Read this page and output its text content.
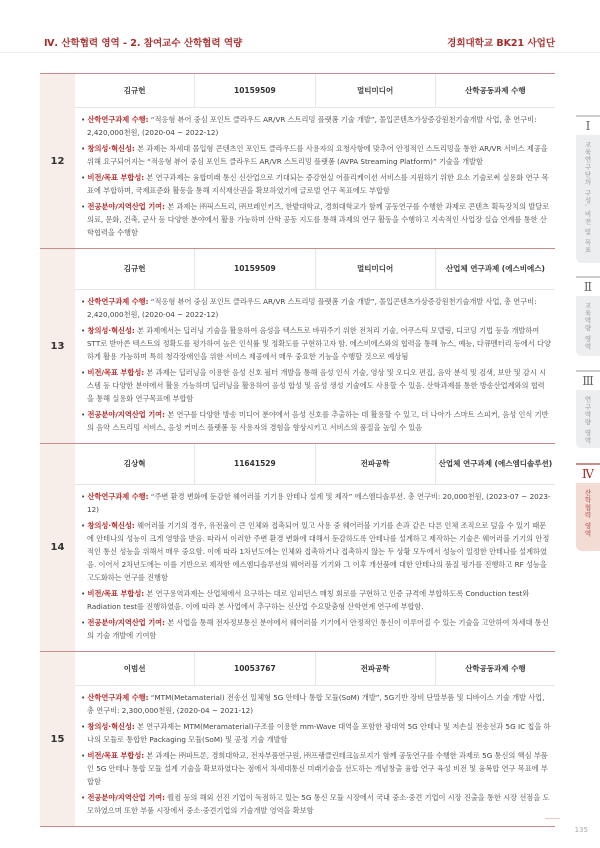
Ⅳ. 산학협력 영역 - 2. 참여교수 산학협력 역량	경희대학교 BK21 사업단
12
김규헌	10159509	멀티미디어	산학공동과제 수행
• 산학연구과제 수행: “적응형 뷰어 중심 포인트 클라우드 AR/VR 스트리밍 플랫폼 기술 개발”, 몰입콘텐츠가상증강원천기술개발 사업, 총 연구비: 2,420,000천원, (2020-04 ~ 2022-12)
• 창의성·혁신성: 본 과제는 차세대 몰입형 콘텐츠인 포인트 클라우드를 사용자의 요청사항에 맞추어 안정적인 스트리밍을 통한 AR/VR 서비스 제공을 위해 요구되어지는 “적응형 뷰어 중심 포인트 클라우드 AR/VR 스트리밍 플랫폼 (AVPA Streaming Platform)” 기술을 개발함
• 비전/목표 부합성: 본 연구과제는 융합미래 통신 신산업으로 기대되는 증강현실 어플리케이션 서비스를 지원하기 위한 요소 기술로써 실용화 연구 목표에 부합하며, 국제표준화 활동을 통해 지식재산권을 확보하였기에 글로벌 연구 목표에도 부합함
• 전공분야/지역산업 기여: 본 과제는 ㈜픽스트리, ㈜브레인키즈, 한밭대학교, 경희대학교가 함께 공동연구를 수행한 과제로 콘텐츠 획득장치의 발달로 의료, 문화, 건축, 군사 등 다양한 분야에서 활용 가능하며 산학 공동 지도를 통해 과제의 연구 활동을 수행하고 지속적인 사업장 실습 연계를 통한 산학협력을 수행함
13
김규헌	10159509	멀티미디어	산업체 연구과제 (에스비에스)
• 산학연구과제 수행: “적응형 뷰어 중심 포인트 클라우드 AR/VR 스트리밍 플랫폼 기술 개발”, 몰입콘텐츠가상증강원천기술개발 사업, 총 연구비: 2,420,000천원, (2020-04 ~ 2022-12)
• 창의성·혁신성: 본 과제에서는 딥러닝 기술을 활용하여 음성을 텍스트로 바꿔주기 위한 전처리 기술, 어쿠스틱 모델링, 디코딩 기법 등을 개발하여 STT로 받아쓴 텍스트의 정확도를 평가하여 높은 인식률 및 정확도를 구현하고자 함. 에스비에스와의 협력을 통해 뉴스, 예능, 다큐멘터리 등에서 다양하게 활용 가능하며 특히 청각장애인을 위한 서비스 제공에서 매우 중요한 기능을 수행할 것으로 예상됨
• 비전/목표 부합성: 본 과제는 딥러닝을 이용한 음성 신호 필터 개발을 통해 음성 인식 기술, 영상 및 오디오 편집, 음악 분석 및 검색, 보안 및 감시 시스템 등 다양한 분야에서 활용 가능하며 딥러닝을 활용하여 음성 합성 및 음성 생성 기술에도 사용할 수 있음. 산학과제를 통한 방송산업계와의 협력을 통해 실용화 연구목표에 부합함
• 전공분야/지역산업 기여: 본 연구를 다양한 방송 미디어 분야에서 음성 신호를 추출하는 데 활용할 수 있고, 더 나아가 스마트 스피커, 음성 인식 기반의 음악 스트리밍 서비스, 음성 커머스 플랫폼 등 사용자의 경험을 향상시키고 서비스의 품질을 높일 수 있음
14
김상혁	11641529	전파공학	산업체 연구과제 (에스엠디솔루션)
• 산학연구과제 수행: “주변 환경 변화에 둔감한 웨어러블 기기용 안테나 설계 및 제작” 에스엠디솔루션. 총 연구비: 20,000천원, (2023-07 ~ 2023-12)
• 창의성·혁신성: 웨어러블 기기의 경우, 유전율이 큰 인체와 접촉되어 있고 사용 중 웨어러블 기기를 손과 같은 다른 인체 조직으로 덮을 수 있기 때문에 안테나의 성능이 크게 영향을 받음. 따라서 이러한 주변 환경 변화에 대해서 둔감하도록 안테나를 설계하고 제작하는 기술은 웨어러블 기기의 안정적인 통신 성능을 위해서 매우 중요함. 이에 따라 1차년도에는 인체와 접촉하거나 접촉하지 않는 두 상황 모두에서 성능이 일정한 안테나를 설계하였음. 이어서 2차년도에는 이를 기반으로 제작한 에스엠디솔루션의 웨어러블 기기와 그 이후 개선품에 대한 안테나의 품질 평가를 진행하고 RF 성능을 고도화하는 연구를 진행함
• 비전/목표 부합성: 본 연구용역과제는 산업체에서 요구하는 대로 임피던스 매칭 회로를 구현하고 인증 규격에 부합하도록 Conduction test와 Radiation test를 진행하였음. 이에 따라 본 사업에서 추구하는 신산업 수요맞춤형 산학연계 연구에 부합함.
• 전공분야/지역산업 기여: 본 사업을 통해 전자정보통신 분야에서 웨어러블 기기에서 안정적인 통신이 이루어질 수 있는 기술을 고안하여 차세대 통신의 기술 개발에 기여함
15
이범선	10053767	전파공학	산학공동과제 수행
• 산학연구과제 수행: “MTM(Metamaterial) 전송선 일체형 5G 안테나 통합 모듈(SoM) 개발”, 5G기반 장비 단말부품 및 디바이스 기술 개발 사업, 총 연구비: 2,300,000천원, (2020-04 ~ 2021-12)
• 창의성·혁신성: 본 연구과제는 MTM(Meramaterial)구조를 이용한 mm-Wave 대역을 포함한 광대역 5G 안테나 및 저손실 전송선과 5G IC 칩을 하나의 모듈로 통합한 Packaging 모듈(SoM) 및 공정 기술 개발함
• 비전/목표 부합성: 본 과제는 ㈜파트론, 경희대학교, 전자부품연구원, ㈜프랭클린테크놀로지가 함께 공동연구를 수행한 과제로 5G 통신의 핵심 부품인 5G 안테나 통합 모듈 설계 기술을 확보하였다는 점에서 차세대통신 미래기술을 선도하는 개념창출 융합 연구 육성 비전 및 융복합 연구 목표에 부합함
• 전공분야/지역산업 기여: 퀄컴 등의 해외 선진 기업이 독점하고 있는 5G 통신 모듈 시장에서 국내 중소·중견 기업이 시장 진출을 통한 시장 선점을 도모하였으며 또한 부품 시장에서 중소·중견기업의 기술개발 영역을 확보함
Ⅰ
교육연구단의 구성, 비전 및 목표
Ⅱ
교육역량 영역
Ⅲ
연구역량 영역
Ⅳ
산학협력 영역
135
